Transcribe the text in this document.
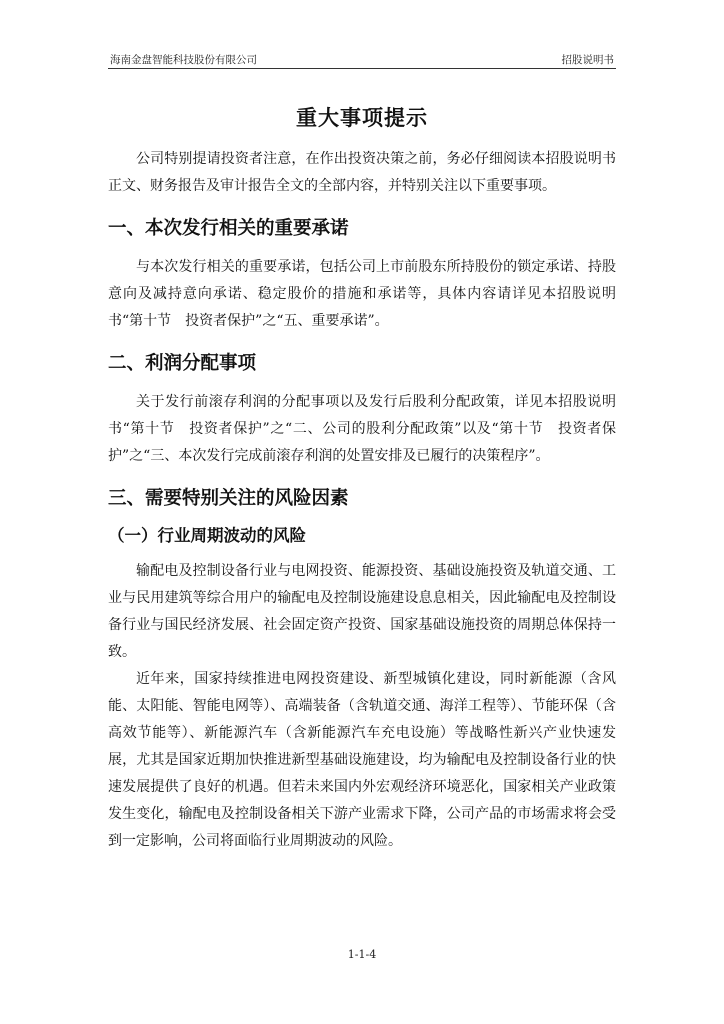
海南金盘智能科技股份有限公司	招股说明书
重大事项提示

公司特别提请投资者注意，在作出投资决策之前，务必仔细阅读本招股说明书正文、财务报告及审计报告全文的全部内容，并特别关注以下重要事项。

一、本次发行相关的重要承诺

与本次发行相关的重要承诺，包括公司上市前股东所持股份的锁定承诺、持股意向及减持意向承诺、稳定股价的措施和承诺等，具体内容请详见本招股说明书“第十节　投资者保护”之“五、重要承诺”。

二、利润分配事项

关于发行前滚存利润的分配事项以及发行后股利分配政策，详见本招股说明书“第十节　投资者保护”之“二、公司的股利分配政策”以及“第十节　投资者保护”之“三、本次发行完成前滚存利润的处置安排及已履行的决策程序”。

三、需要特别关注的风险因素
（一）行业周期波动的风险

输配电及控制设备行业与电网投资、能源投资、基础设施投资及轨道交通、工业与民用建筑等综合用户的输配电及控制设施建设息息相关，因此输配电及控制设备行业与国民经济发展、社会固定资产投资、国家基础设施投资的周期总体保持一致。

近年来，国家持续推进电网投资建设、新型城镇化建设，同时新能源（含风能、太阳能、智能电网等）、高端装备（含轨道交通、海洋工程等）、节能环保（含高效节能等）、新能源汽车（含新能源汽车充电设施）等战略性新兴产业快速发展，尤其是国家近期加快推进新型基础设施建设，均为输配电及控制设备行业的快速发展提供了良好的机遇。但若未来国内外宏观经济环境恶化，国家相关产业政策发生变化，输配电及控制设备相关下游产业需求下降，公司产品的市场需求将会受到一定影响，公司将面临行业周期波动的风险。

1-1-4
